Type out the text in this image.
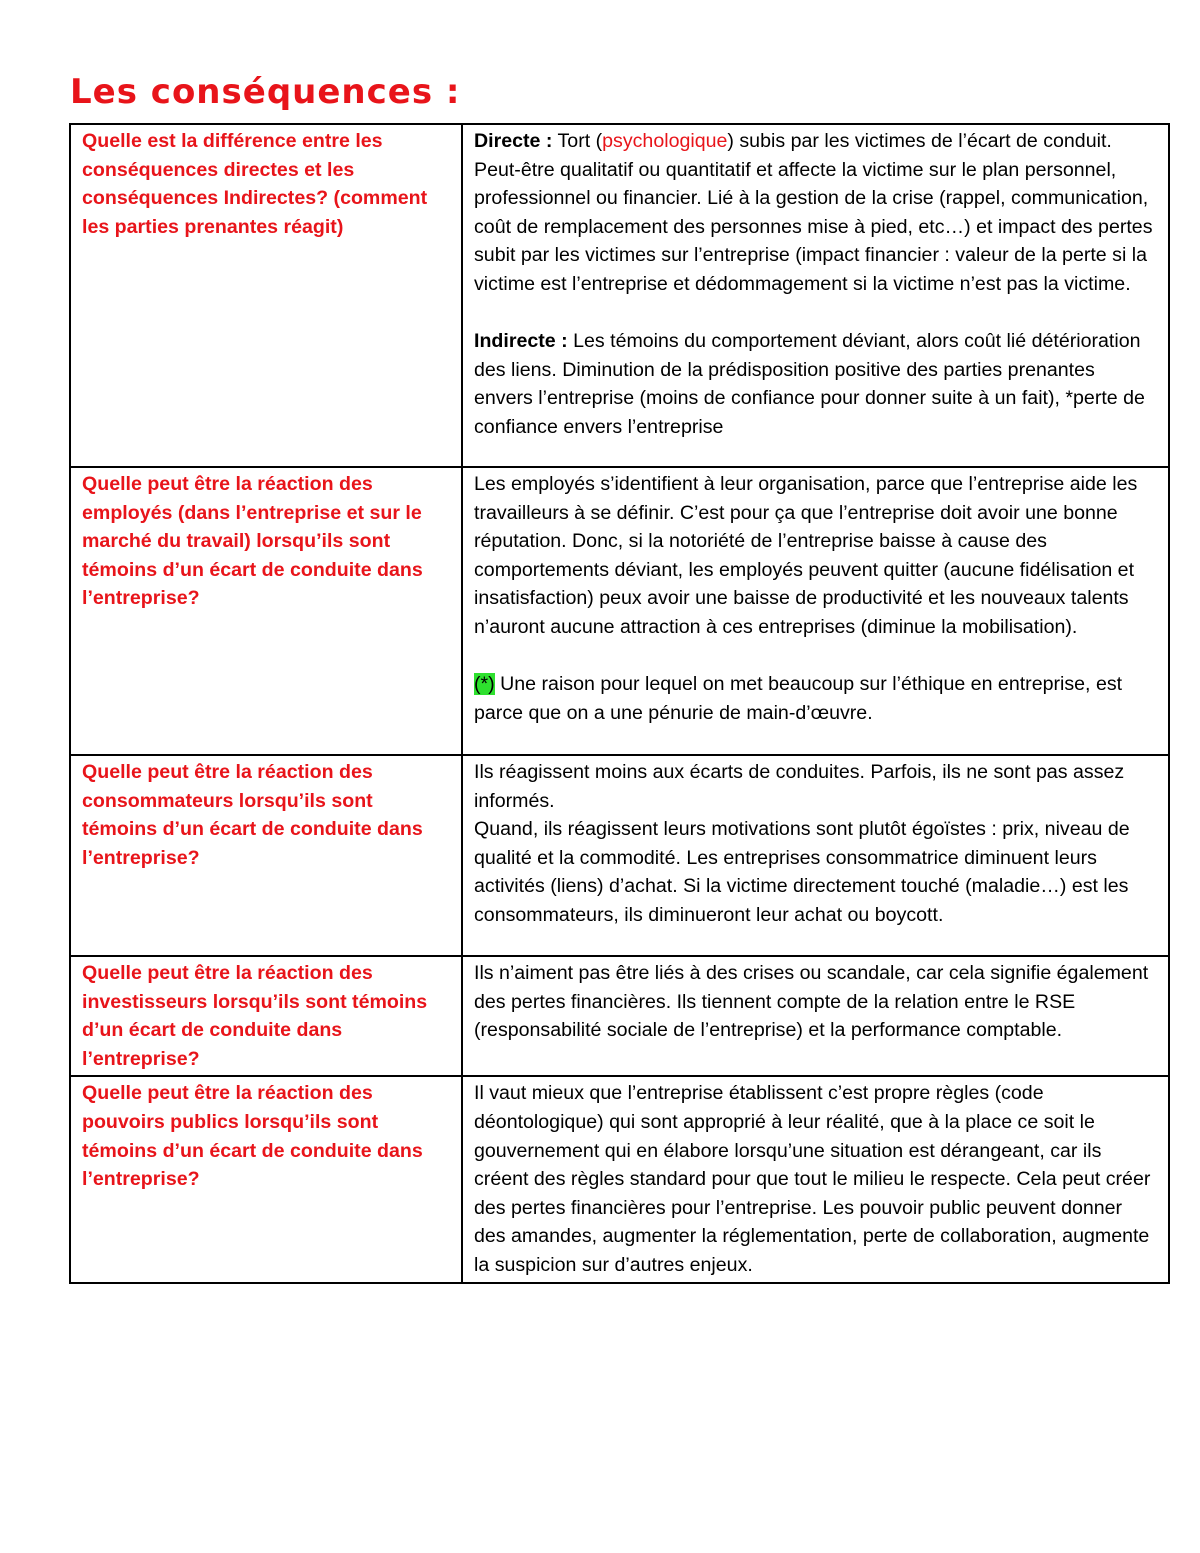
Les conséquences :
Quelle est la différence entre les conséquences directes et les conséquences Indirectes? (comment les parties prenantes réagit)	Directe : Tort (psychologique) subis par les victimes de l’écart de conduit. Peut-être qualitatif ou quantitatif et affecte la victime sur le plan personnel, professionnel ou financier. Lié à la gestion de la crise (rappel, communication, coût de remplacement des personnes mise à pied, etc…) et impact des pertes subit par les victimes sur l’entreprise (impact financier : valeur de la perte si la victime est l’entreprise et dédommagement si la victime n’est pas la victime.
Indirecte : Les témoins du comportement déviant, alors coût lié détérioration des liens. Diminution de la prédisposition positive des parties prenantes envers l’entreprise (moins de confiance pour donner suite à un fait), *perte de confiance envers l’entreprise

Quelle peut être la réaction des employés (dans l’entreprise et sur le marché du travail) lorsqu’ils sont témoins d’un écart de conduite dans l’entreprise?	Les employés s’identifient à leur organisation, parce que l’entreprise aide les travailleurs à se définir. C’est pour ça que l’entreprise doit avoir une bonne réputation. Donc, si la notoriété de l’entreprise baisse à cause des comportements déviant, les employés peuvent quitter (aucune fidélisation et insatisfaction) peux avoir une baisse de productivité et les nouveaux talents n’auront aucune attraction à ces entreprises (diminue la mobilisation).
(*) Une raison pour lequel on met beaucoup sur l’éthique en entreprise, est parce que on a une pénurie de main-d’œuvre.

Quelle peut être la réaction des consommateurs lorsqu’ils sont témoins d’un écart de conduite dans l’entreprise?	Ils réagissent moins aux écarts de conduites. Parfois, ils ne sont pas assez informés.
Quand, ils réagissent leurs motivations sont plutôt égoïstes : prix, niveau de qualité et la commodité. Les entreprises consommatrice diminuent leurs activités (liens) d’achat. Si la victime directement touché (maladie…) est les consommateurs, ils diminueront leur achat ou boycott.

Quelle peut être la réaction des investisseurs lorsqu’ils sont témoins d’un écart de conduite dans l’entreprise?	Ils n’aiment pas être liés à des crises ou scandale, car cela signifie également des pertes financières. Ils tiennent compte de la relation entre le RSE (responsabilité sociale de l’entreprise) et la performance comptable.

Quelle peut être la réaction des pouvoirs publics lorsqu’ils sont témoins d’un écart de conduite dans l’entreprise?	Il vaut mieux que l’entreprise établissent c’est propre règles (code déontologique) qui sont approprié à leur réalité, que à la place ce soit le gouvernement qui en élabore lorsqu’une situation est dérangeant, car ils créent des règles standard pour que tout le milieu le respecte. Cela peut créer des pertes financières pour l’entreprise. Les pouvoir public peuvent donner des amandes, augmenter la réglementation, perte de collaboration, augmente la suspicion sur d’autres enjeux.
